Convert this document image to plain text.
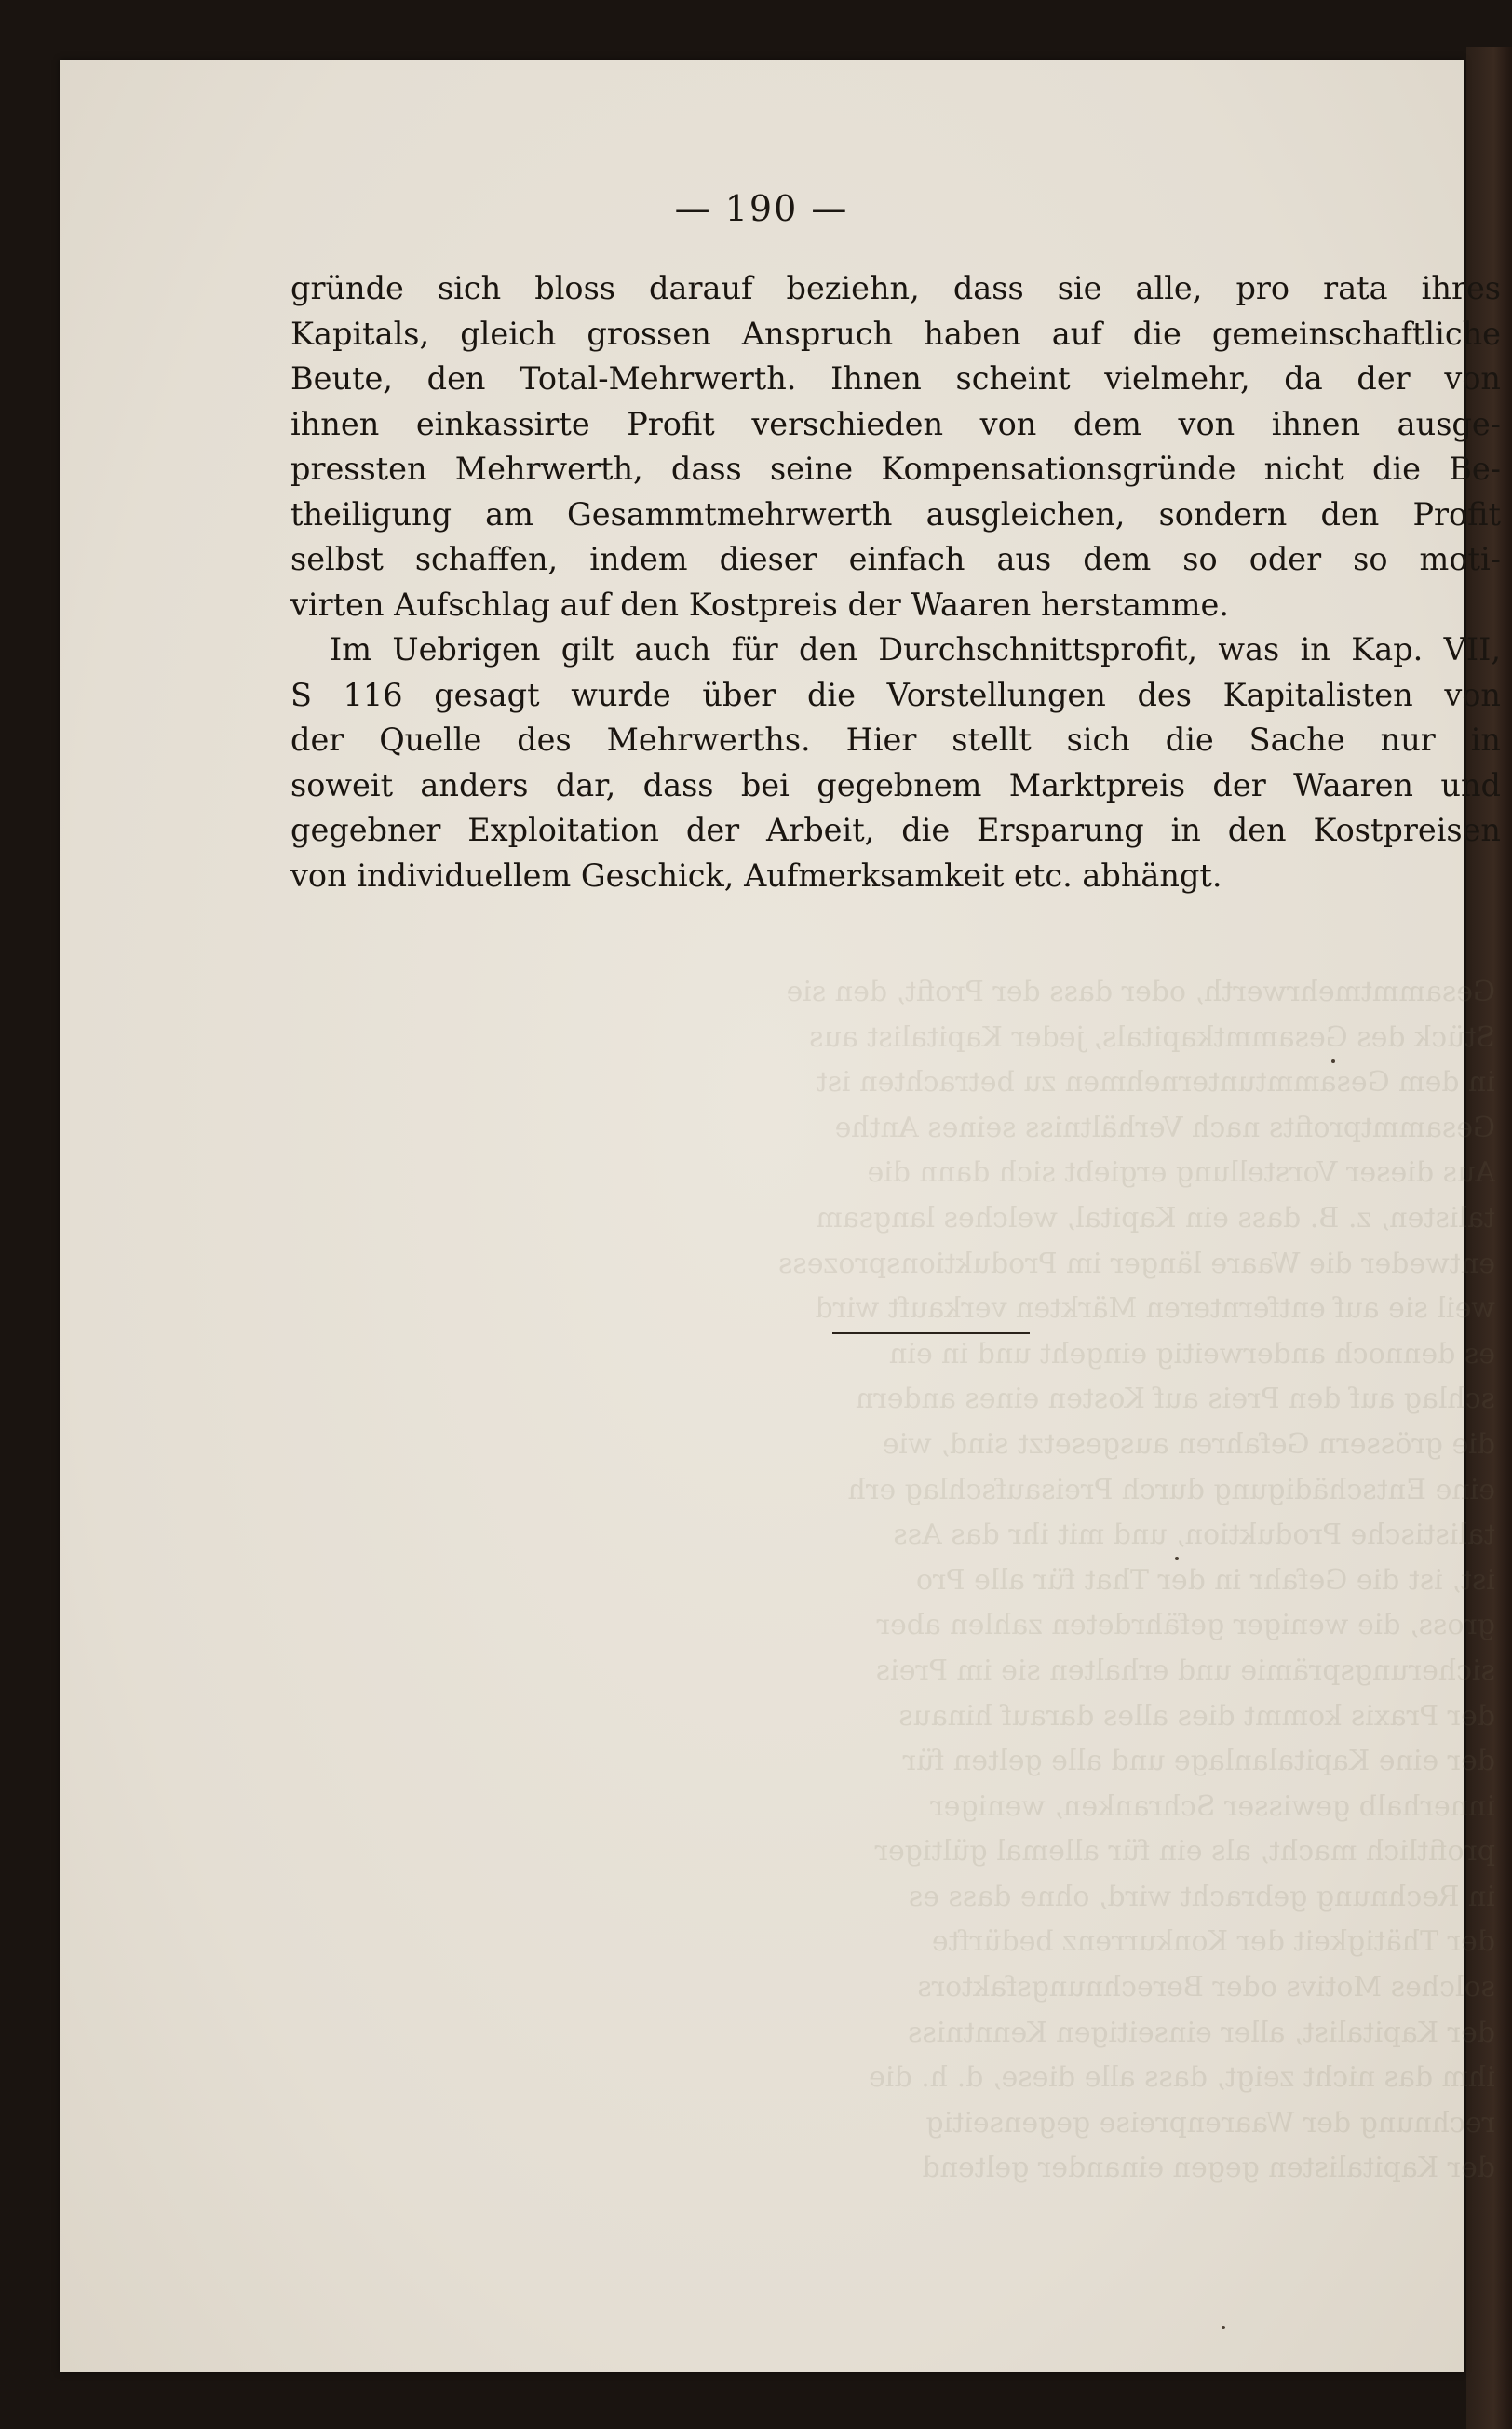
Gesammtmehrwerth, oder dass der Profit, den sie
Stück des Gesammtkapitals, jeder Kapitalist aus
in dem Gesammtunternehmen zu betrachten ist
Gesammtprofits nach Verhältniss seines Anthe
Aus dieser Vorstellung ergiebt sich dann die
talisten, z. B. dass ein Kapital, welches langsam
entweder die Waare länger im Produktionsprozess
weil sie auf entfernteren Märkten verkauft wird
es dennoch anderweitig eingeht und in ein
schlag auf den Preis auf Kosten eines andern
die grössern Gefahren ausgesetzt sind, wie
eine Entschädigung durch Preisaufschlag erh
talistische Produktion, und mit ihr das Ass
ist, ist die Gefahr in der That für alle Pro
gross, die weniger gefährdeten zahlen aber
sicherungsprämie und erhalten sie im Preis
der Praxis kommt dies alles darauf hinaus
der eine Kapitalanlage und alle gelten für
innerhalb gewisser Schranken, weniger
profitlich macht, als ein für allemal gültiger
in Rechnung gebracht wird, ohne dass es
der Thätigkeit der Konkurrenz bedürfte
solches Motivs oder Berechnungsfaktors
der Kapitalist, aller einseitigen Kenntniss
ihm das nicht zeigt, dass alle diese, d. h. die
rechnung der Waarenpreise gegenseitig
der Kapitalisten gegen einander geltend
— 190 —
gründe sich bloss darauf beziehn, dass sie alle, pro rata ihres
Kapitals, gleich grossen Anspruch haben auf die gemeinschaftliche
Beute, den Total-Mehrwerth. Ihnen scheint vielmehr, da der von
ihnen einkassirte Profit verschieden von dem von ihnen ausge-
pressten Mehrwerth, dass seine Kompensationsgründe nicht die Be-
theiligung am Gesammtmehrwerth ausgleichen, sondern den Profit
selbst schaffen, indem dieser einfach aus dem so oder so moti-
virten Aufschlag auf den Kostpreis der Waaren herstamme.
Im Uebrigen gilt auch für den Durchschnittsprofit, was in Kap. VII,
S 116 gesagt wurde über die Vorstellungen des Kapitalisten von
der Quelle des Mehrwerths. Hier stellt sich die Sache nur in
soweit anders dar, dass bei gegebnem Marktpreis der Waaren und
gegebner Exploitation der Arbeit, die Ersparung in den Kostpreisen
von individuellem Geschick, Aufmerksamkeit etc. abhängt.
